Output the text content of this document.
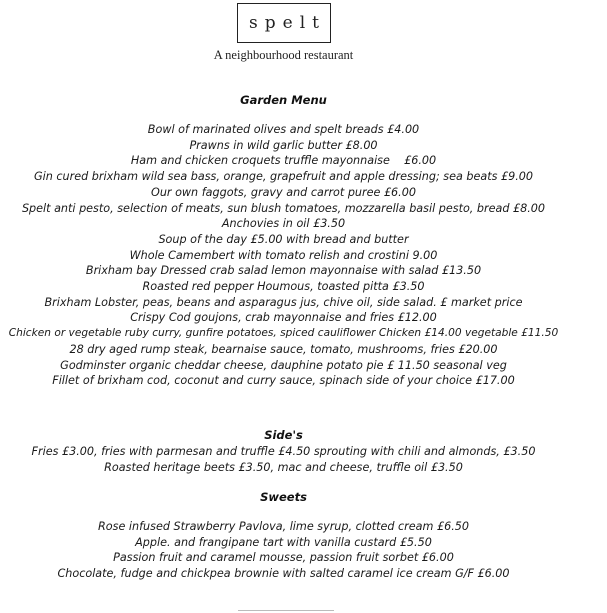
spelt
A neighbourhood restaurant
Garden Menu
Bowl of marinated olives and spelt breads £4.00
Prawns in wild garlic butter £8.00
Ham and chicken croquets truffle mayonnaise    £6.00
Gin cured brixham wild sea bass, orange, grapefruit and apple dressing; sea beats £9.00
Our own faggots, gravy and carrot puree £6.00
Spelt anti pesto, selection of meats, sun blush tomatoes, mozzarella basil pesto, bread £8.00
Anchovies in oil £3.50
Soup of the day £5.00 with bread and butter
Whole Camembert with tomato relish and crostini 9.00
Brixham bay Dressed crab salad lemon mayonnaise with salad £13.50
Roasted red pepper Houmous, toasted pitta £3.50
Brixham Lobster, peas, beans and asparagus jus, chive oil, side salad. £ market price
Crispy Cod goujons, crab mayonnaise and fries £12.00
Chicken or vegetable ruby curry, gunfire potatoes, spiced cauliflower Chicken £14.00 vegetable £11.50
28 dry aged rump steak, bearnaise sauce, tomato, mushrooms, fries £20.00
Godminster organic cheddar cheese, dauphine potato pie £ 11.50 seasonal veg
Fillet of brixham cod, coconut and curry sauce, spinach side of your choice £17.00
Side's
Fries £3.00, fries with parmesan and truffle £4.50 sprouting with chili and almonds, £3.50
Roasted heritage beets £3.50, mac and cheese, truffle oil £3.50
Sweets
Rose infused Strawberry Pavlova, lime syrup, clotted cream £6.50
Apple. and frangipane tart with vanilla custard £5.50
Passion fruit and caramel mousse, passion fruit sorbet £6.00
Chocolate, fudge and chickpea brownie with salted caramel ice cream G/F £6.00
